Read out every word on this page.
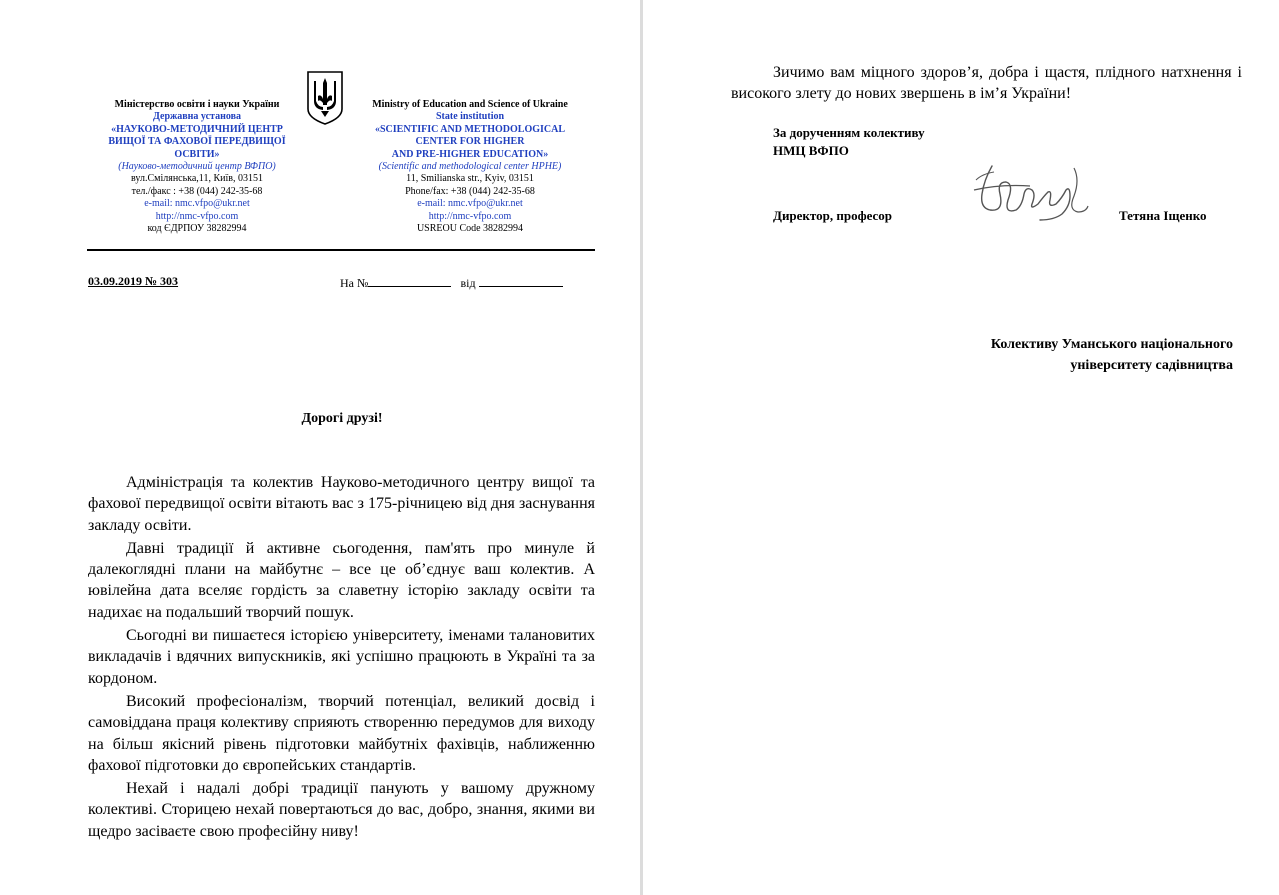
Міністерство освіти і науки України
Державна установа
«НАУКОВО-МЕТОДИЧНИЙ ЦЕНТР
ВИЩОЇ ТА ФАХОВОЇ ПЕРЕДВИЩОЇ
ОСВІТИ»
(Науково-методичний центр ВФПО)
вул.Смілянська,11, Київ, 03151
тел./факс : +38 (044) 242-35-68
e-mail: nmc.vfpo@ukr.net
http://nmc-vfpo.com
код ЄДРПОУ 38282994
Ministry of Education and Science of Ukraine
State institution
«SCIENTIFIC AND METHODOLOGICAL
CENTER FOR HIGHER
AND PRE-HIGHER EDUCATION»
(Scientific and methodological center HPHE)
11, Smilianska str., Kyiv, 03151
Phone/fax: +38 (044) 242-35-68
e-mail: nmc.vfpo@ukr.net
http://nmc-vfpo.com
USREOU Code 38282994
03.09.2019 № 303	На №	від
Колективу Уманського національного
університету садівництва
Дорогі друзі!

Адміністрація та колектив Науково-методичного центру вищої та фахової передвищої освіти вітають вас з 175-річницею від дня заснування закладу освіти.

Давні традиції й активне сьогодення, пам'ять про минуле й далекоглядні плани на майбутнє – все це об’єднує ваш колектив. А ювілейна дата вселяє гордість за славетну історію закладу освіти та надихає на подальший творчий пошук.

Сьогодні ви пишаєтеся історією університету, іменами талановитих викладачів і вдячних випускників, які успішно працюють в Україні та за кордоном.

Високий професіоналізм, творчий потенціал, великий досвід і самовіддана праця колективу сприяють створенню передумов для виходу на більш якісний рівень підготовки майбутніх фахівців, наближенню фахової підготовки до європейських стандартів.

Нехай і надалі добрі традиції панують у вашому дружному колективі. Сторицею нехай повертаються до вас, добро, знання, якими ви щедро засіваєте свою професійну ниву!

Зичимо вам міцного здоров’я, добра і щастя, плідного натхнення і високого злету до нових звершень в ім’я України!

За дорученням колективу
НМЦ ВФПО
Директор, професор	Тетяна Іщенко
